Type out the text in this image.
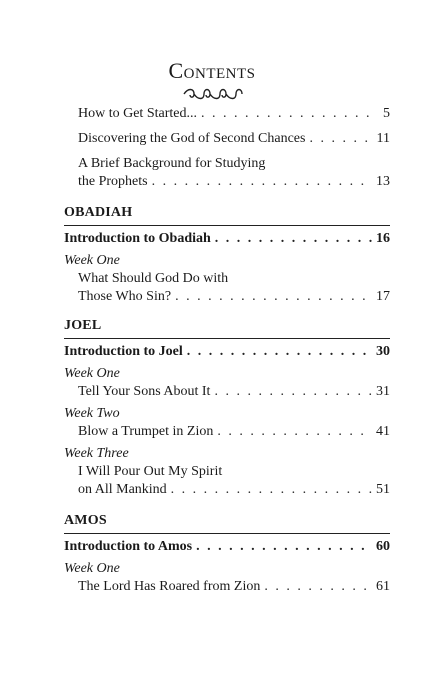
Contents
How to Get Started... . . .	5
Discovering the God of Second Chances . . .	11
A Brief Background for Studying
the Prophets . . .	13
OBADIAH
Introduction to Obadiah . . .	16
Week One
What Should God Do with
Those Who Sin? . . .	17
JOEL
Introduction to Joel . . .	30
Week One
Tell Your Sons About It . . .	31
Week Two
Blow a Trumpet in Zion . . .	41
Week Three
I Will Pour Out My Spirit
on All Mankind . . .	51
AMOS
Introduction to Amos . . .	60
Week One
The Lord Has Roared from Zion . . .	61
